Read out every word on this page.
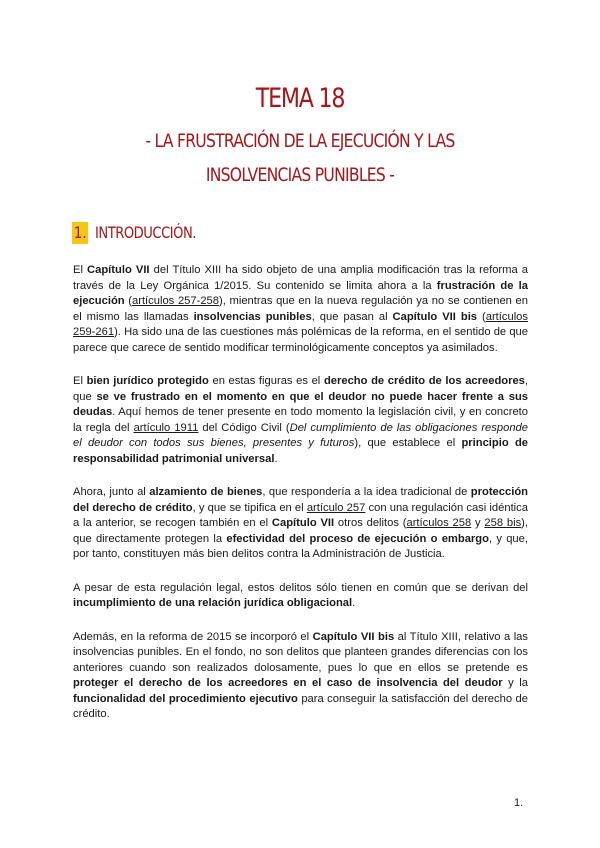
TEMA 18
- LA FRUSTRACIÓN DE LA EJECUCIÓN Y LAS
INSOLVENCIAS PUNIBLES -
1. INTRODUCCIÓN.

El Capítulo VII del Título XIII ha sido objeto de una amplia modificación tras la reforma a través de la Ley Orgánica 1/2015. Su contenido se limita ahora a la frustración de la ejecución (artículos 257-258), mientras que en la nueva regulación ya no se contienen en el mismo las llamadas insolvencias punibles, que pasan al Capítulo VII bis (artículos 259-261). Ha sido una de las cuestiones más polémicas de la reforma, en el sentido de que parece que carece de sentido modificar terminológicamente conceptos ya asimilados.

El bien jurídico protegido en estas figuras es el derecho de crédito de los acreedores, que se ve frustrado en el momento en que el deudor no puede hacer frente a sus deudas. Aquí hemos de tener presente en todo momento la legislación civil, y en concreto la regla del artículo 1911 del Código Civil (Del cumplimiento de las obligaciones responde el deudor con todos sus bienes, presentes y futuros), que establece el principio de responsabilidad patrimonial universal.

Ahora, junto al alzamiento de bienes, que respondería a la idea tradicional de protección del derecho de crédito, y que se tipifica en el artículo 257 con una regulación casi idéntica a la anterior, se recogen también en el Capítulo VII otros delitos (artículos 258 y 258 bis), que directamente protegen la efectividad del proceso de ejecución o embargo, y que, por tanto, constituyen más bien delitos contra la Administración de Justicia.

A pesar de esta regulación legal, estos delitos sólo tienen en común que se derivan del incumplimiento de una relación jurídica obligacional.

Además, en la reforma de 2015 se incorporó el Capítulo VII bis al Título XIII, relativo a las insolvencias punibles. En el fondo, no son delitos que planteen grandes diferencias con los anteriores cuando son realizados dolosamente, pues lo que en ellos se pretende es proteger el derecho de los acreedores en el caso de insolvencia del deudor y la funcionalidad del procedimiento ejecutivo para conseguir la satisfacción del derecho de crédito.

1.
